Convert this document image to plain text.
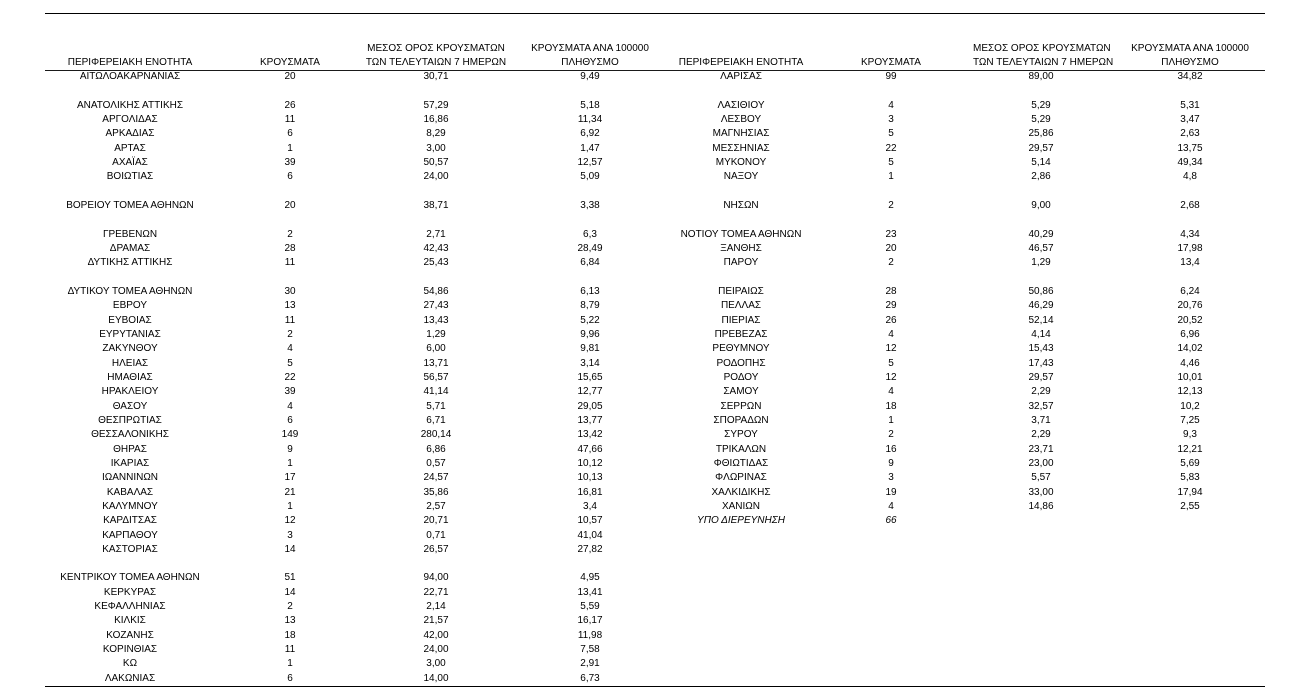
ΠΕΡΙΦΕΡΕΙΑΚΗ ΕΝΟΤΗΤΑ	ΚΡΟΥΣΜΑΤΑ	ΜΕΣΟΣ ΟΡΟΣ ΚΡΟΥΣΜΑΤΩΝ
ΤΩΝ ΤΕΛΕΥΤΑΙΩΝ 7 ΗΜΕΡΩΝ	ΚΡΟΥΣΜΑΤΑ ΑΝΑ 100000
ΠΛΗΘΥΣΜΟ

ΑΙΤΩΛΟΑΚΑΡΝΑΝΙΑΣ	20	30,71	9,49

ΑΝΑΤΟΛΙΚΗΣ ΑΤΤΙΚΗΣ	26	57,29	5,18
ΑΡΓΟΛΙΔΑΣ	11	16,86	11,34
ΑΡΚΑΔΙΑΣ	6	8,29	6,92
ΑΡΤΑΣ	1	3,00	1,47
ΑΧΑΪΑΣ	39	50,57	12,57
ΒΟΙΩΤΙΑΣ	6	24,00	5,09

ΒΟΡΕΙΟΥ ΤΟΜΕΑ ΑΘΗΝΩΝ	20	38,71	3,38

ΓΡΕΒΕΝΩΝ	2	2,71	6,3
ΔΡΑΜΑΣ	28	42,43	28,49
ΔΥΤΙΚΗΣ ΑΤΤΙΚΗΣ	11	25,43	6,84

ΔΥΤΙΚΟΥ ΤΟΜΕΑ ΑΘΗΝΩΝ	30	54,86	6,13
ΕΒΡΟΥ	13	27,43	8,79
ΕΥΒΟΙΑΣ	11	13,43	5,22
ΕΥΡΥΤΑΝΙΑΣ	2	1,29	9,96
ΖΑΚΥΝΘΟΥ	4	6,00	9,81
ΗΛΕΙΑΣ	5	13,71	3,14
ΗΜΑΘΙΑΣ	22	56,57	15,65
ΗΡΑΚΛΕΙΟΥ	39	41,14	12,77
ΘΑΣΟΥ	4	5,71	29,05
ΘΕΣΠΡΩΤΙΑΣ	6	6,71	13,77
ΘΕΣΣΑΛΟΝΙΚΗΣ	149	280,14	13,42
ΘΗΡΑΣ	9	6,86	47,66
ΙΚΑΡΙΑΣ	1	0,57	10,12
ΙΩΑΝΝΙΝΩΝ	17	24,57	10,13
ΚΑΒΑΛΑΣ	21	35,86	16,81
ΚΑΛΥΜΝΟΥ	1	2,57	3,4
ΚΑΡΔΙΤΣΑΣ	12	20,71	10,57
ΚΑΡΠΑΘΟΥ	3	0,71	41,04
ΚΑΣΤΟΡΙΑΣ	14	26,57	27,82

ΚΕΝΤΡΙΚΟΥ ΤΟΜΕΑ ΑΘΗΝΩΝ	51	94,00	4,95
ΚΕΡΚΥΡΑΣ	14	22,71	13,41
ΚΕΦΑΛΛΗΝΙΑΣ	2	2,14	5,59
ΚΙΛΚΙΣ	13	21,57	16,17
ΚΟΖΑΝΗΣ	18	42,00	11,98
ΚΟΡΙΝΘΙΑΣ	11	24,00	7,58
ΚΩ	1	3,00	2,91
ΛΑΚΩΝΙΑΣ	6	14,00	6,73
ΠΕΡΙΦΕΡΕΙΑΚΗ ΕΝΟΤΗΤΑ	ΚΡΟΥΣΜΑΤΑ	ΜΕΣΟΣ ΟΡΟΣ ΚΡΟΥΣΜΑΤΩΝ
ΤΩΝ ΤΕΛΕΥΤΑΙΩΝ 7 ΗΜΕΡΩΝ	ΚΡΟΥΣΜΑΤΑ ΑΝΑ 100000
ΠΛΗΘΥΣΜΟ

ΛΑΡΙΣΑΣ	99	89,00	34,82

ΛΑΣΙΘΙΟΥ	4	5,29	5,31
ΛΕΣΒΟΥ	3	5,29	3,47
ΜΑΓΝΗΣΙΑΣ	5	25,86	2,63
ΜΕΣΣΗΝΙΑΣ	22	29,57	13,75
ΜΥΚΟΝΟΥ	5	5,14	49,34
ΝΑΞΟΥ	1	2,86	4,8

ΝΗΣΩΝ	2	9,00	2,68

ΝΟΤΙΟΥ ΤΟΜΕΑ ΑΘΗΝΩΝ	23	40,29	4,34
ΞΑΝΘΗΣ	20	46,57	17,98
ΠΑΡΟΥ	2	1,29	13,4

ΠΕΙΡΑΙΩΣ	28	50,86	6,24
ΠΕΛΛΑΣ	29	46,29	20,76
ΠΙΕΡΙΑΣ	26	52,14	20,52
ΠΡΕΒΕΖΑΣ	4	4,14	6,96
ΡΕΘΥΜΝΟΥ	12	15,43	14,02
ΡΟΔΟΠΗΣ	5	17,43	4,46
ΡΟΔΟΥ	12	29,57	10,01
ΣΑΜΟΥ	4	2,29	12,13
ΣΕΡΡΩΝ	18	32,57	10,2
ΣΠΟΡΑΔΩΝ	1	3,71	7,25
ΣΥΡΟΥ	2	2,29	9,3
ΤΡΙΚΑΛΩΝ	16	23,71	12,21
ΦΘΙΩΤΙΔΑΣ	9	23,00	5,69
ΦΛΩΡΙΝΑΣ	3	5,57	5,83
ΧΑΛΚΙΔΙΚΗΣ	19	33,00	17,94
ΧΑΝΙΩΝ	4	14,86	2,55
ΥΠΟ ΔΙΕΡΕΥΝΗΣΗ	66		
